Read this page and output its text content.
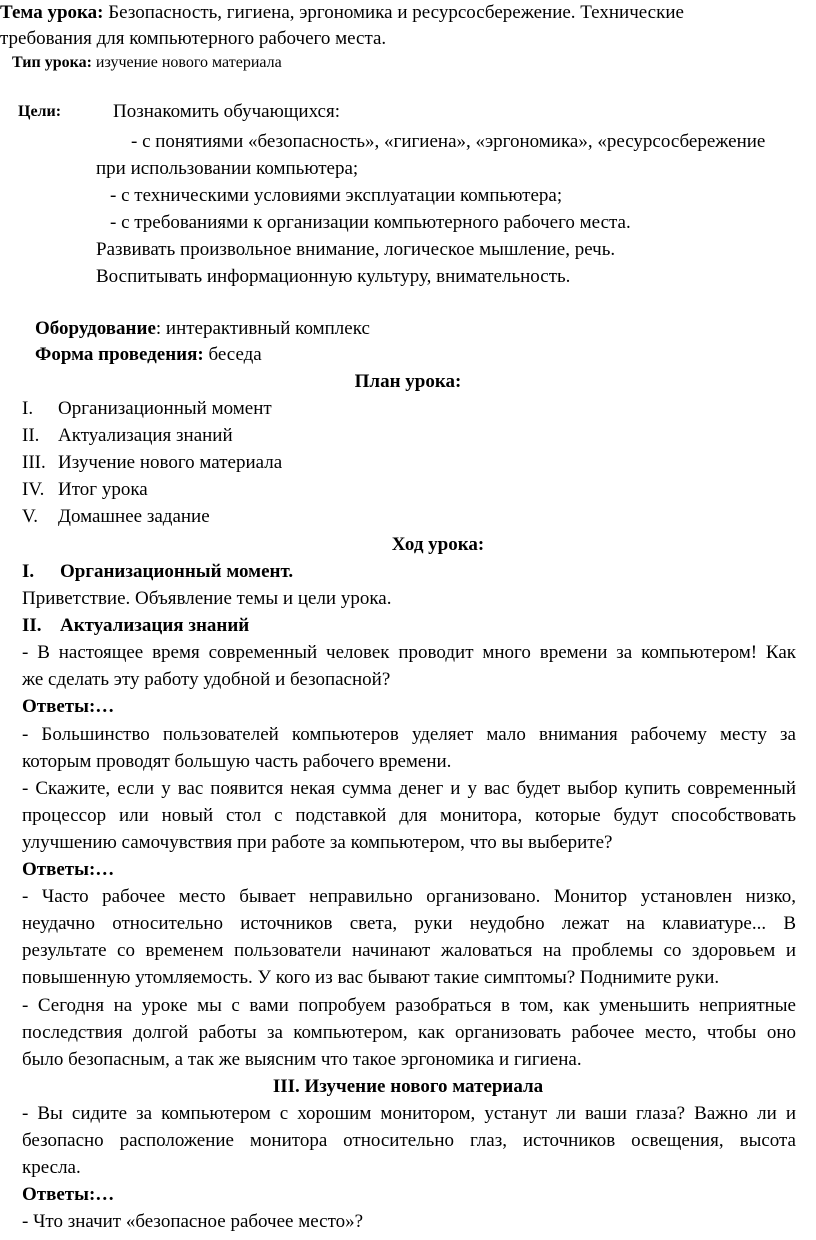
Тема урока: Безопасность, гигиена, эргономика и ресурсосбережение. Технические
требования для компьютерного рабочего места.
Тип урока: изучение нового материала
Цели:	Познакомить обучающихся:
- с понятиями «безопасность», «гигиена», «эргономика», «ресурсосбережение
при использовании компьютера;
- с техническими условиями эксплуатации компьютера;
- с требованиями к организации компьютерного рабочего места.
Развивать произвольное внимание, логическое мышление, речь.
Воспитывать информационную культуру, внимательность.
Оборудование: интерактивный комплекс
Форма проведения: беседа
План урока:
I. Организационный момент
II. Актуализация знаний
III. Изучение нового материала
IV. Итог урока
V. Домашнее задание
Ход урока:
I. Организационный момент.
Приветствие. Объявление темы и цели урока.
II. Актуализация знаний
- В настоящее время современный человек проводит много времени за компьютером! Как
же сделать эту работу удобной и безопасной?
Ответы:…
- Большинство пользователей компьютеров уделяет мало внимания рабочему месту за
которым проводят большую часть рабочего времени.
- Скажите, если у вас появится некая сумма денег и у вас будет выбор купить современный
процессор или новый стол с подставкой для монитора, которые будут способствовать
улучшению самочувствия при работе за компьютером, что вы выберите?
Ответы:…
- Часто рабочее место бывает неправильно организовано. Монитор установлен низко,
неудачно относительно источников света, руки неудобно лежат на клавиатуре... В
результате со временем пользователи начинают жаловаться на проблемы со здоровьем и
повышенную утомляемость. У кого из вас бывают такие симптомы? Поднимите руки.
- Сегодня на уроке мы с вами попробуем разобраться в том, как уменьшить неприятные
последствия долгой работы за компьютером, как организовать рабочее место, чтобы оно
было безопасным, а так же выясним что такое эргономика и гигиена.
III. Изучение нового материала
- Вы сидите за компьютером с хорошим монитором, устанут ли ваши глаза? Важно ли и
безопасно расположение монитора относительно глаз, источников освещения, высота
кресла.
Ответы:…
- Что значит «безопасное рабочее место»?
